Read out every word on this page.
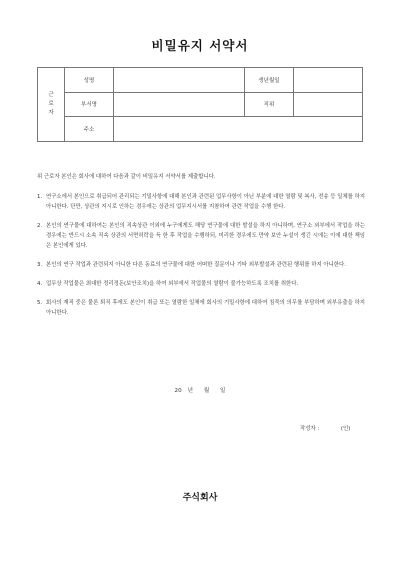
비밀유지 서약서
근
로
자	성명		생년월일	
	부서명		직위	
	주소			
위 근로자 본인은 회사에 대하여 다음과 같이 비밀유지 서약서를 제출합니다.
1. 연구소에서 본인으로 취급되어 관리되는 기밀사항에 대해 본인과 관련된 업무사항이 아닌 부분에 대한 열람 및 복사, 전송 등 일체를 하지 아니한다. 단만, 상관의 지시로 인하는 경우에는 상관의 업무지시서를 지참하여 관련 작업을 수행 한다.
2. 본인의 연구물에 대하여는 본인의 직속상관 이외에 누구에게도 해당 연구물에 대한 발설을 하지 아니하며, 연구소 외부에서 작업을 하는 경우에는 반드시 소속 직속 상관의 서면허락을 득 한 후 작업을 수행하되, 미리한 경우에도 만약 보안 누설이 생긴 시에는 이에 대한 책임은 본인에게 있다.
3. 본인의 연구 작업과 관련되지 아니한 다른 동료의 연구물에 대한 어떠한 질문이나 기타 외부발설과 관련된 행위를 하지 아니한다.
4. 업무상 작업물은 최대한 정리정돈(보안조치)을 하여 외부에서 작업물의 열람이 불가능하도록 조치를 취한다.
5. 회사의 재직 중은 물론 퇴직 후에도 본인이 취급 또는 열람한 일체에 회사의 기밀사항에 대하여 침묵의 의무를 부담하며 외부유출을 하지 아니한다.
20 년 월 일
작성자 :	(인)
주식회사
